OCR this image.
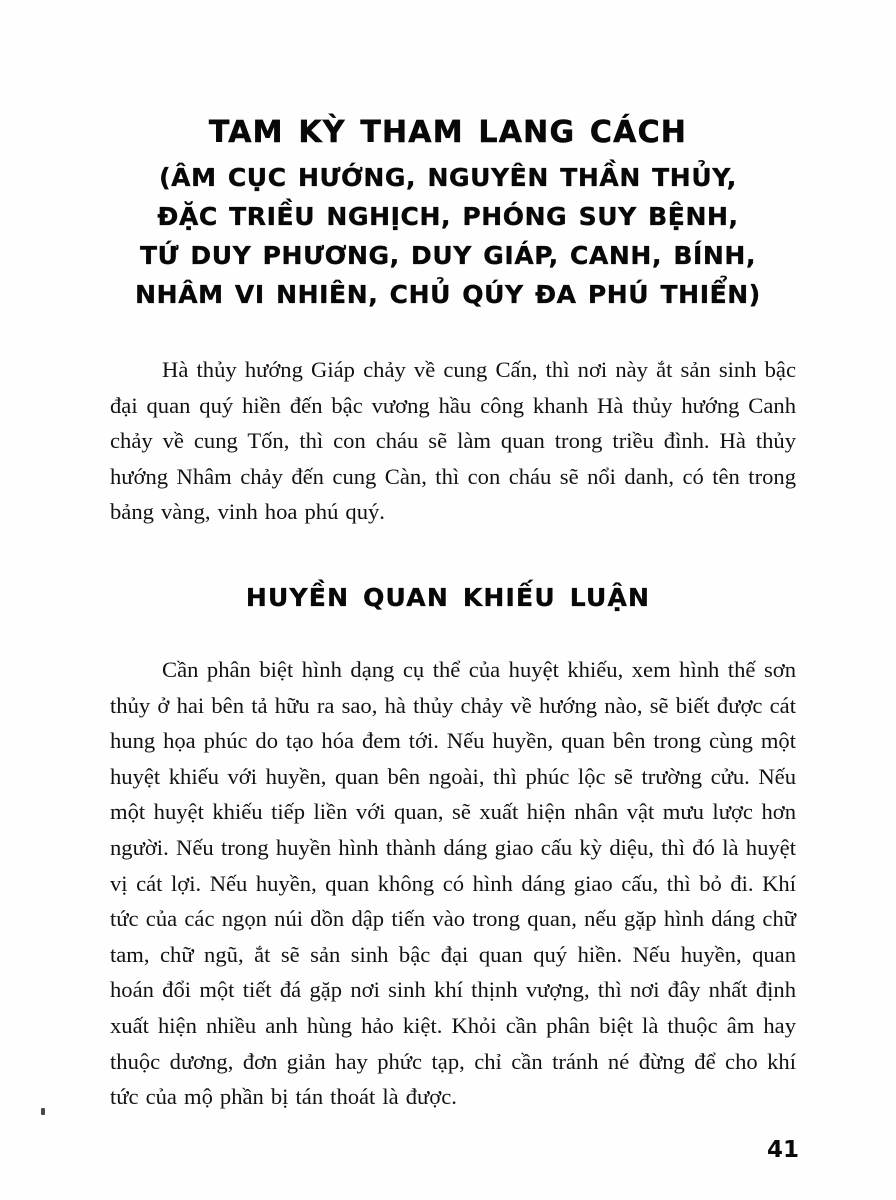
TAM KỲ THAM LANG CÁCH
(ÂM CỤC HƯỚNG, NGUYÊN THẦN THỦY,
ĐẶC TRIỀU NGHỊCH, PHÓNG SUY BỆNH,
TỨ DUY PHƯƠNG, DUY GIÁP, CANH, BÍNH,
NHÂM VI NHIÊN, CHỦ QÚY ĐA PHÚ THIỂN)
Hà thủy hướng Giáp chảy về cung Cấn, thì nơi này ắt sản sinh bậc đại quan quý hiền đến bậc vương hầu công khanh Hà thủy hướng Canh chảy về cung Tốn, thì con cháu sẽ làm quan trong triều đình. Hà thủy hướng Nhâm chảy đến cung Càn, thì con cháu sẽ nổi danh, có tên trong bảng vàng, vinh hoa phú quý.
HUYỀN QUAN KHIẾU LUẬN
Cần phân biệt hình dạng cụ thể của huyệt khiếu, xem hình thế sơn thủy ở hai bên tả hữu ra sao, hà thủy chảy về hướng nào, sẽ biết được cát hung họa phúc do tạo hóa đem tới. Nếu huyền, quan bên trong cùng một huyệt khiếu với huyền, quan bên ngoài, thì phúc lộc sẽ trường cửu. Nếu một huyệt khiếu tiếp liền với quan, sẽ xuất hiện nhân vật mưu lược hơn người. Nếu trong huyền hình thành dáng giao cấu kỳ diệu, thì đó là huyệt vị cát lợi. Nếu huyền, quan không có hình dáng giao cấu, thì bỏ đi. Khí tức của các ngọn núi dồn dập tiến vào trong quan, nếu gặp hình dáng chữ tam, chữ ngũ, ắt sẽ sản sinh bậc đại quan quý hiền. Nếu huyền, quan hoán đổi một tiết đá gặp nơi sinh khí thịnh vượng, thì nơi đây nhất định xuất hiện nhiều anh hùng hảo kiệt. Khỏi cần phân biệt là thuộc âm hay thuộc dương, đơn giản hay phức tạp, chỉ cần tránh né đừng để cho khí tức của mộ phần bị tán thoát là được.
41
